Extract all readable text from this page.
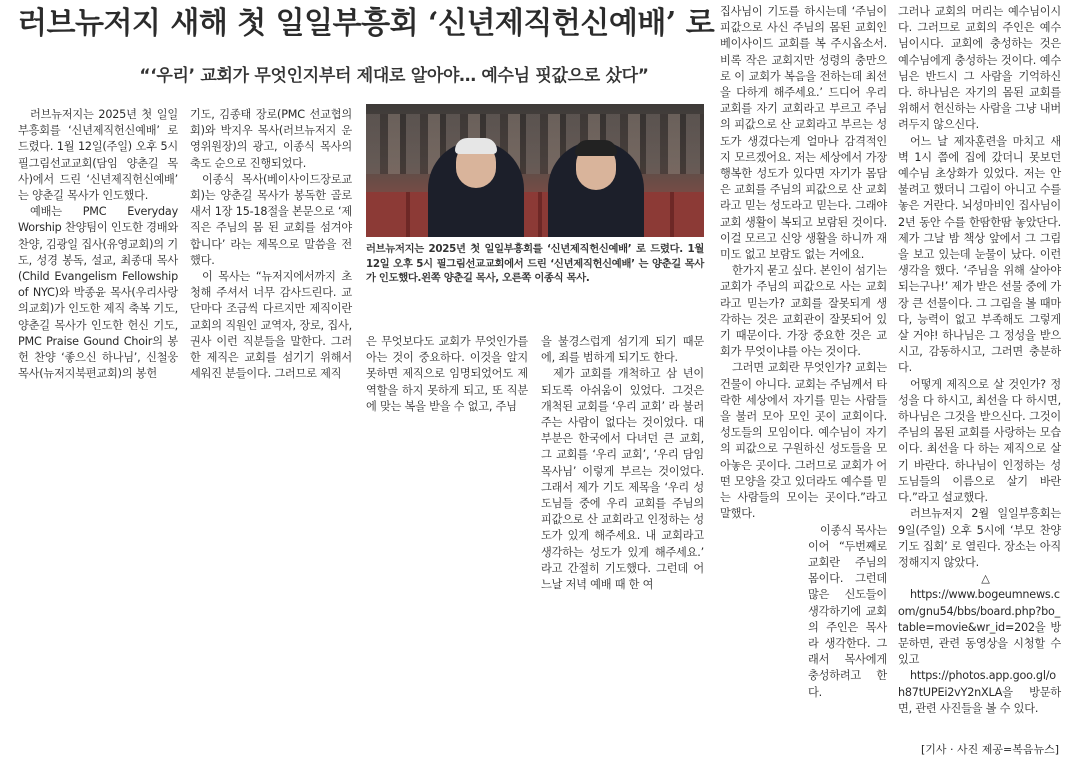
러브뉴저지 새해 첫 일일부흥회 ‘신년제직헌신예배’ 로
“‘우리’ 교회가 무엇인지부터 제대로 알아야… 예수님 핏값으로 샀다”

러브뉴저지는 2025년 첫 일일부흥회를 ‘신년제직헌신예배’ 로 드렸다. 1월 12일(주일) 오후 5시 필그림선교교회(담임 양춘길 목사)에서 드린 ‘신년제직헌신예배’ 는 양춘길 목사가 인도했다.

예배는 PMC Everyday Worship 찬양팀이 인도한 경배와 찬양, 김광일 집사(유영교회)의 기도, 성경 봉독, 설교, 최종대 목사(Child Evangelism Fellowship of NYC)와 박종윤 목사(우리사랑의교회)가 인도한 제직 축복 기도, 양춘길 목사가 인도한 헌신 기도, PMC Praise Gound Choir의 봉헌 찬양 ‘좋으신 하나님’, 신철웅 목사(뉴저지북편교회)의 봉헌

기도, 김종태 장로(PMC 선교협의회)와 박지우 목사(러브뉴저지 운영위원장)의 광고, 이종식 목사의 축도 순으로 진행되었다.

이종식 목사(베이사이드장로교회)는 양춘길 목사가 봉독한 골로새서 1장 15-18절을 본문으로 ‘제직은 주님의 몸 된 교회를 섬겨야 합니다’ 라는 제목으로 말씀을 전했다.

이 목사는 “뉴저지에서까지 초청해 주셔서 너무 감사드린다. 교단마다 조금씩 다르지만 제직이란 교회의 직원인 교역자, 장로, 집사, 권사 이런 직분들을 말한다. 그러한 제직은 교회를 섬기기 위해서 세워진 분들이다. 그러므로 제직

러브뉴저지는 2025년 첫 일일부흥회를 ‘신년제직헌신예배’ 로 드렸다. 1월 12일 오후 5시 필그림선교교회에서 드린 ‘신년제직헌신예배’ 는 양춘길 목사가 인도했다.왼쪽 양춘길 목사, 오른쪽 이종식 목사.

은 무엇보다도 교회가 무엇인가를 아는 것이 중요하다. 이것을 알지 못하면 제직으로 임명되었어도 제 역할을 하지 못하게 되고, 또 직분에 맞는 복을 받을 수 없고, 주님

을 불경스럽게 섬기게 되기 때문에, 죄를 범하게 되기도 한다.

제가 교회를 개척하고 삼 년이 되도록 아쉬움이 있었다. 그것은 개척된 교회를 ‘우리 교회’ 라 불러주는 사람이 없다는 것이었다. 대부분은 한국에서 다녀던 큰 교회, 그 교회를 ‘우리 교회’, ‘우리 담임 목사님’ 이렇게 부르는 것이었다. 그래서 제가 기도 제목을 ‘우리 성도님들 중에 우리 교회를 주님의 피값으로 산 교회라고 인정하는 성도가 있게 해주세요. 내 교회라고 생각하는 성도가 있게 해주세요.’ 라고 간절히 기도했다. 그런데 어느날 저녁 예배 때 한 여

집사님이 기도를 하시는데 ‘주님이 피값으로 사신 주님의 몸된 교회인 베이사이드 교회를 복 주시옵소서. 비록 작은 교회지만 성령의 충만으로 이 교회가 복음을 전하는데 최선을 다하게 해주세요.’ 드디어 우리 교회를 자기 교회라고 부르고 주님의 피값으로 산 교회라고 부르는 성도가 생겼다는게 얼마나 감격적인지 모르겠어요. 저는 세상에서 가장 행복한 성도가 있다면 자기가 몸담은 교회를 주님의 피값으로 산 교회라고 믿는 성도라고 믿는다. 그래야 교회 생활이 복되고 보람된 것이다. 이걸 모르고 신앙 생활을 하니까 재미도 없고 보람도 없는 거에요.

한가지 묻고 싶다. 본인이 섬기는 교회가 주님의 피값으로 사는 교회라고 믿는가? 교회를 잘못되게 생각하는 것은 교회관이 잘못되어 있기 때문이다. 가장 중요한 것은 교회가 무엇이냐를 아는 것이다.

그러면 교회란 무엇인가? 교회는 건물이 아니다. 교회는 주님께서 타락한 세상에서 자기를 믿는 사람들을 불러 모아 모인 곳이 교회이다. 성도들의 모임이다. 예수님이 자기의 피값으로 구원하신 성도들을 모아놓은 곳이다. 그러므로 교회가 어떤 모양을 갖고 있더라도 예수를 믿는 사람들의 모이는 곳이다.”라고 말했다.

이종식 목사는 이어 “두번째로 교회란 주님의 몸이다. 그런데 많은 신도들이 생각하기에 교회의 주인은 목사라 생각한다. 그래서 목사에게 충성하려고 한다.

그러나 교회의 머리는 예수님이시다. 그러므로 교회의 주인은 예수님이시다. 교회에 충성하는 것은 예수님에게 충성하는 것이다. 예수님은 반드시 그 사람을 기억하신다. 하나님은 자기의 몸된 교회를 위해서 헌신하는 사람을 그냥 내버려두지 않으신다.

어느 날 제자훈련을 마치고 새벽 1시 쯤에 집에 갔더니 못보던 예수님 초상화가 있었다. 저는 안 불려고 했더니 그림이 아니고 수를 놓은 거란다. 뇌성마비인 집사님이 2년 동안 수를 한땀한땀 놓았단다. 제가 그날 밤 책상 앞에서 그 그림을 보고 있는데 눈물이 났다. 이런 생각을 했다. ‘주님을 위해 살아야 되는구나!’ 제가 받은 선물 중에 가장 큰 선물이다. 그 그림을 볼 때마다, 능력이 없고 부족해도 그렇게 살 거야! 하나님은 그 정성을 받으시고, 감동하시고, 그러면 충분하다.

어떻게 제직으로 살 것인가? 정성을 다 하시고, 최선을 다 하시면, 하나님은 그것을 받으신다. 그것이 주님의 몸된 교회를 사랑하는 모습이다. 최선을 다 하는 제직으로 살기 바란다. 하나님이 인정하는 성도님들의 이름으로 살기 바란다.”라고 설교했다.

러브뉴저지 2월 일일부흥회는 9일(주일) 오후 5시에 ‘부모 찬양 기도 집회’ 로 열린다. 장소는 아직 정해지지 않았다.

△

https://www.bogeumnews.com/gnu54/bbs/board.php?bo_table=movie&wr_id=202을 방문하면, 관련 동영상을 시청할 수 있고

https://photos.app.goo.gl/oh87tUPEi2vY2nXLA을 방문하면, 관련 사진들을 볼 수 있다.

[기사 · 사진 제공=복음뉴스]
